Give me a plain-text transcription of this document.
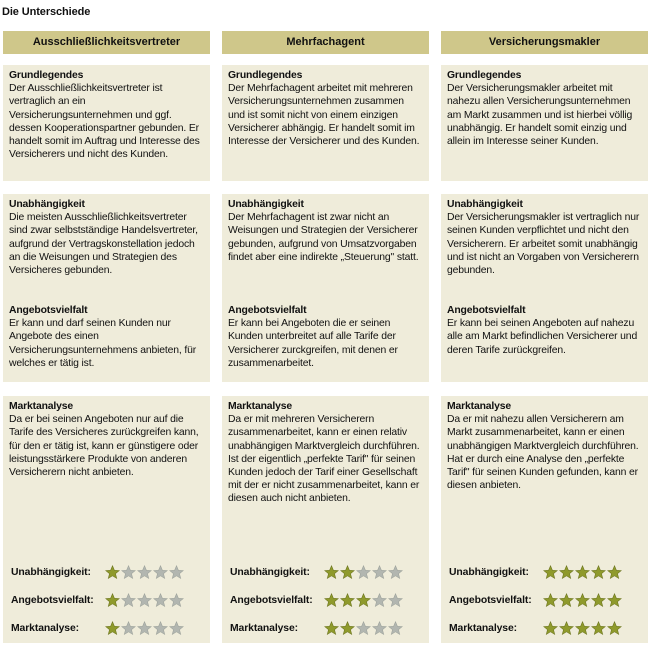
Die Unterschiede
Ausschließlichkeitsvertreter
Grundlegendes
Der Ausschließlichkeitsvertreter ist vertraglich an ein Versicherungsunternehmen und ggf. dessen Kooperationspartner gebunden. Er handelt somit im Auftrag und Interesse des Versicherers und nicht des Kunden.
Unabhängigkeit
Die meisten Ausschließlichkeitsvertreter sind zwar selbstständige Handelsvertreter, aufgrund der Vertragskonstellation jedoch an die Weisungen und Strategien des Versicheres gebunden.
Angebotsvielfalt
Er kann und darf seinen Kunden nur Angebote des einen Versicherungsunternehmens anbieten, für welches er tätig ist.
Marktanalyse
Da er bei seinen Angeboten nur auf die Tarife des Versicheres zurückgreifen kann, für den er tätig ist, kann er günstigere oder leistungsstärkere Produkte von anderen Versicherern nicht anbieten.
Unabhängigkeit:
Angebotsvielfalt:
Marktanalyse:
Mehrfachagent
Grundlegendes
Der Mehrfachagent arbeitet mit mehreren Versicherungsunternehmen zusammen und ist somit nicht von einem einzigen Versicherer abhängig. Er handelt somit im Interesse der Versicherer und des Kunden.
Unabhängigkeit
Der Mehrfachagent ist zwar nicht an Weisungen und Strategien der Versicherer gebunden, aufgrund von Umsatzvorgaben findet aber eine indirekte „Steuerung" statt.
Angebotsvielfalt
Er kann bei Angeboten die er seinen Kunden unterbreitet auf alle Tarife der Versicherer zurckgreifen, mit denen er zusammenarbeitet.
Marktanalyse
Da er mit mehreren Versicherern zusammenarbeitet, kann er einen relativ unabhängigen Marktvergleich durchführen. Ist der eigentlich „perfekte Tarif" für seinen Kunden jedoch der Tarif einer Gesellschaft mit der er nicht zusammenarbeitet, kann er diesen auch nicht anbieten.
Unabhängigkeit:
Angebotsvielfalt:
Marktanalyse:
Versicherungsmakler
Grundlegendes
Der Versicherungsmakler arbeitet mit nahezu allen Versicherungsunternehmen am Markt zusammen und ist hierbei völlig unabhängig. Er handelt somit einzig und allein im Interesse seiner Kunden.
Unabhängigkeit
Der Versicherungsmakler ist vertraglich nur seinen Kunden verpflichtet und nicht den Versicherern. Er arbeitet somit unabhängig und ist nicht an Vorgaben von Versicherern gebunden.
Angebotsvielfalt
Er kann bei seinen Angeboten auf nahezu alle am Markt befindlichen Versicherer und deren Tarife zurückgreifen.
Marktanalyse
Da er mit nahezu allen Versicherern am Markt zusammenarbeitet, kann er einen unabhängigen Marktvergleich durchführen. Hat er durch eine Analyse den „perfekte Tarif" für seinen Kunden gefunden, kann er diesen anbieten.
Unabhängigkeit:
Angebotsvielfalt:
Marktanalyse:
